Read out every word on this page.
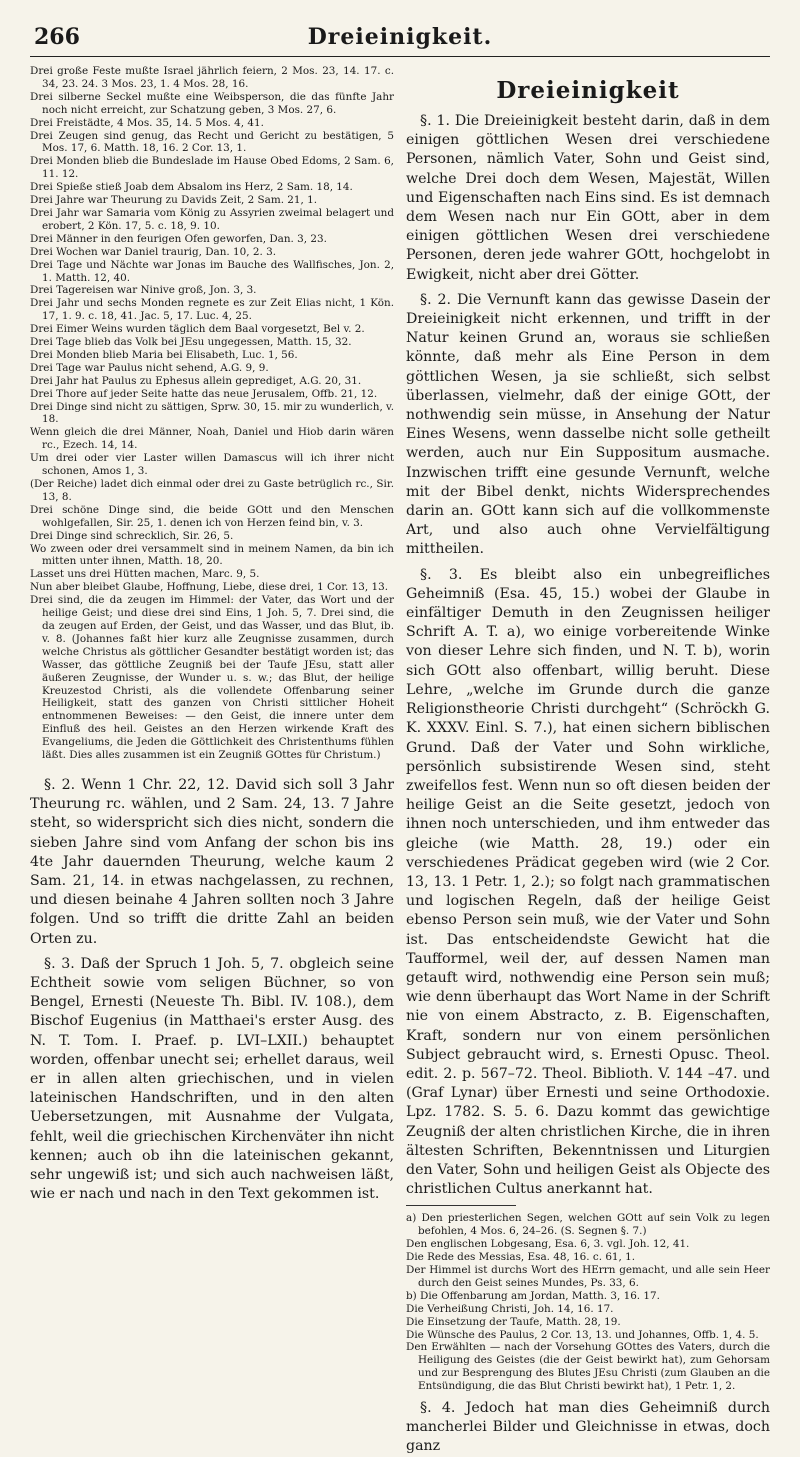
266	Dreieinigkeit.

Drei große Feste mußte Israel jährlich feiern, 2 Mos. 23, 14. 17. c. 34, 23. 24. 3 Mos. 23, 1. 4 Mos. 28, 16.

Drei silberne Seckel mußte eine Weibsperson, die das fünfte Jahr noch nicht erreicht, zur Schatzung geben, 3 Mos. 27, 6.

Drei Freistädte, 4 Mos. 35, 14. 5 Mos. 4, 41.

Drei Zeugen sind genug, das Recht und Gericht zu bestätigen, 5 Mos. 17, 6. Matth. 18, 16. 2 Cor. 13, 1.

Drei Monden blieb die Bundeslade im Hause Obed Edoms, 2 Sam. 6, 11. 12.

Drei Spieße stieß Joab dem Absalom ins Herz, 2 Sam. 18, 14.

Drei Jahre war Theurung zu Davids Zeit, 2 Sam. 21, 1.

Drei Jahr war Samaria vom König zu Assyrien zweimal belagert und erobert, 2 Kön. 17, 5. c. 18, 9. 10.

Drei Männer in den feurigen Ofen geworfen, Dan. 3, 23.

Drei Wochen war Daniel traurig, Dan. 10, 2. 3.

Drei Tage und Nächte war Jonas im Bauche des Wallfisches, Jon. 2, 1. Matth. 12, 40.

Drei Tagereisen war Ninive groß, Jon. 3, 3.

Drei Jahr und sechs Monden regnete es zur Zeit Elias nicht, 1 Kön. 17, 1. 9. c. 18, 41. Jac. 5, 17. Luc. 4, 25.

Drei Eimer Weins wurden täglich dem Baal vorgesetzt, Bel v. 2.

Drei Tage blieb das Volk bei JEsu ungegessen, Matth. 15, 32.

Drei Monden blieb Maria bei Elisabeth, Luc. 1, 56.

Drei Tage war Paulus nicht sehend, A.G. 9, 9.

Drei Jahr hat Paulus zu Ephesus allein geprediget, A.G. 20, 31.

Drei Thore auf jeder Seite hatte das neue Jerusalem, Offb. 21, 12.

Drei Dinge sind nicht zu sättigen, Sprw. 30, 15. mir zu wunderlich, v. 18.

Wenn gleich die drei Männer, Noah, Daniel und Hiob darin wären rc., Ezech. 14, 14.

Um drei oder vier Laster willen Damascus will ich ihrer nicht schonen, Amos 1, 3.

(Der Reiche) ladet dich einmal oder drei zu Gaste betrüglich rc., Sir. 13, 8.

Drei schöne Dinge sind, die beide GOtt und den Menschen wohlgefallen, Sir. 25, 1. denen ich von Herzen feind bin, v. 3.

Drei Dinge sind schrecklich, Sir. 26, 5.

Wo zween oder drei versammelt sind in meinem Namen, da bin ich mitten unter ihnen, Matth. 18, 20.

Lasset uns drei Hütten machen, Marc. 9, 5.

Nun aber bleibet Glaube, Hoffnung, Liebe, diese drei, 1 Cor. 13, 13.

Drei sind, die da zeugen im Himmel: der Vater, das Wort und der heilige Geist; und diese drei sind Eins, 1 Joh. 5, 7. Drei sind, die da zeugen auf Erden, der Geist, und das Wasser, und das Blut, ib. v. 8. (Johannes faßt hier kurz alle Zeugnisse zusammen, durch welche Christus als göttlicher Gesandter bestätigt worden ist; das Wasser, das göttliche Zeugniß bei der Taufe JEsu, statt aller äußeren Zeugnisse, der Wunder u. s. w.; das Blut, der heilige Kreuzestod Christi, als die vollendete Offenbarung seiner Heiligkeit, statt des ganzen von Christi sittlicher Hoheit entnommenen Beweises: — den Geist, die innere unter dem Einfluß des heil. Geistes an den Herzen wirkende Kraft des Evangeliums, die Jeden die Göttlichkeit des Christenthums fühlen läßt. Dies alles zusammen ist ein Zeugniß GOttes für Christum.)

§. 2. Wenn 1 Chr. 22, 12. David sich soll 3 Jahr Theurung rc. wählen, und 2 Sam. 24, 13. 7 Jahre steht, so widerspricht sich dies nicht, sondern die sieben Jahre sind vom Anfang der schon bis ins 4te Jahr dauernden Theurung, welche kaum 2 Sam. 21, 14. in etwas nachgelassen, zu rechnen, und diesen beinahe 4 Jahren sollten noch 3 Jahre folgen. Und so trifft die dritte Zahl an beiden Orten zu.

§. 3. Daß der Spruch 1 Joh. 5, 7. obgleich seine Echtheit sowie vom seligen Büchner, so von Bengel, Ernesti (Neueste Th. Bibl. IV. 108.), dem Bischof Eugenius (in Matthaei's erster Ausg. des N. T. Tom. I. Praef. p. LVI–LXII.) behauptet worden, offenbar unecht sei; erhellet daraus, weil er in allen alten griechischen, und in vielen lateinischen Handschriften, und in den alten Uebersetzungen, mit Ausnahme der Vulgata, fehlt, weil die griechischen Kirchenväter ihn nicht kennen; auch ob ihn die lateinischen gekannt, sehr ungewiß ist; und sich auch nachweisen läßt, wie er nach und nach in den Text gekommen ist.

Dreieinigkeit

§. 1. Die Dreieinigkeit besteht darin, daß in dem einigen göttlichen Wesen drei verschiedene Personen, nämlich Vater, Sohn und Geist sind, welche Drei doch dem Wesen, Majestät, Willen und Eigenschaften nach Eins sind. Es ist demnach dem Wesen nach nur Ein GOtt, aber in dem einigen göttlichen Wesen drei verschiedene Personen, deren jede wahrer GOtt, hochgelobt in Ewigkeit, nicht aber drei Götter.

§. 2. Die Vernunft kann das gewisse Dasein der Dreieinigkeit nicht erkennen, und trifft in der Natur keinen Grund an, woraus sie schließen könnte, daß mehr als Eine Person in dem göttlichen Wesen, ja sie schließt, sich selbst überlassen, vielmehr, daß der einige GOtt, der nothwendig sein müsse, in Ansehung der Natur Eines Wesens, wenn dasselbe nicht solle getheilt werden, auch nur Ein Suppositum ausmache. Inzwischen trifft eine gesunde Vernunft, welche mit der Bibel denkt, nichts Widersprechendes darin an. GOtt kann sich auf die vollkommenste Art, und also auch ohne Vervielfältigung mittheilen.

§. 3. Es bleibt also ein unbegreifliches Geheimniß (Esa. 45, 15.) wobei der Glaube in einfältiger Demuth in den Zeugnissen heiliger Schrift A. T. a), wo einige vorbereitende Winke von dieser Lehre sich finden, und N. T. b), worin sich GOtt also offenbart, willig beruht. Diese Lehre, „welche im Grunde durch die ganze Religionstheorie Christi durchgeht“ (Schröckh G. K. XXXV. Einl. S. 7.), hat einen sichern biblischen Grund. Daß der Vater und Sohn wirkliche, persönlich subsistirende Wesen sind, steht zweifellos fest. Wenn nun so oft diesen beiden der heilige Geist an die Seite gesetzt, jedoch von ihnen noch unterschieden, und ihm entweder das gleiche (wie Matth. 28, 19.) oder ein verschiedenes Prädicat gegeben wird (wie 2 Cor. 13, 13. 1 Petr. 1, 2.); so folgt nach grammatischen und logischen Regeln, daß der heilige Geist ebenso Person sein muß, wie der Vater und Sohn ist. Das entscheidendste Gewicht hat die Taufformel, weil der, auf dessen Namen man getauft wird, nothwendig eine Person sein muß; wie denn überhaupt das Wort Name in der Schrift nie von einem Abstracto, z. B. Eigenschaften, Kraft, sondern nur von einem persönlichen Subject gebraucht wird, s. Ernesti Opusc. Theol. edit. 2. p. 567–72. Theol. Biblioth. V. 144 –47. und (Graf Lynar) über Ernesti und seine Orthodoxie. Lpz. 1782. S. 5. 6. Dazu kommt das gewichtige Zeugniß der alten christlichen Kirche, die in ihren ältesten Schriften, Bekenntnissen und Liturgien den Vater, Sohn und heiligen Geist als Objecte des christlichen Cultus anerkannt hat.

a) Den priesterlichen Segen, welchen GOtt auf sein Volk zu legen befohlen, 4 Mos. 6, 24–26. (S. Segnen §. 7.)

Den englischen Lobgesang, Esa. 6, 3. vgl. Joh. 12, 41.

Die Rede des Messias, Esa. 48, 16. c. 61, 1.

Der Himmel ist durchs Wort des HErrn gemacht, und alle sein Heer durch den Geist seines Mundes, Ps. 33, 6.

b) Die Offenbarung am Jordan, Matth. 3, 16. 17.

Die Verheißung Christi, Joh. 14, 16. 17.

Die Einsetzung der Taufe, Matth. 28, 19.

Die Wünsche des Paulus, 2 Cor. 13, 13. und Johannes, Offb. 1, 4. 5.

Den Erwählten — nach der Vorsehung GOttes des Vaters, durch die Heiligung des Geistes (die der Geist bewirkt hat), zum Gehorsam und zur Besprengung des Blutes JEsu Christi (zum Glauben an die Entsündigung, die das Blut Christi bewirkt hat), 1 Petr. 1, 2.

§. 4. Jedoch hat man dies Geheimniß durch mancherlei Bilder und Gleichnisse in etwas, doch ganz
